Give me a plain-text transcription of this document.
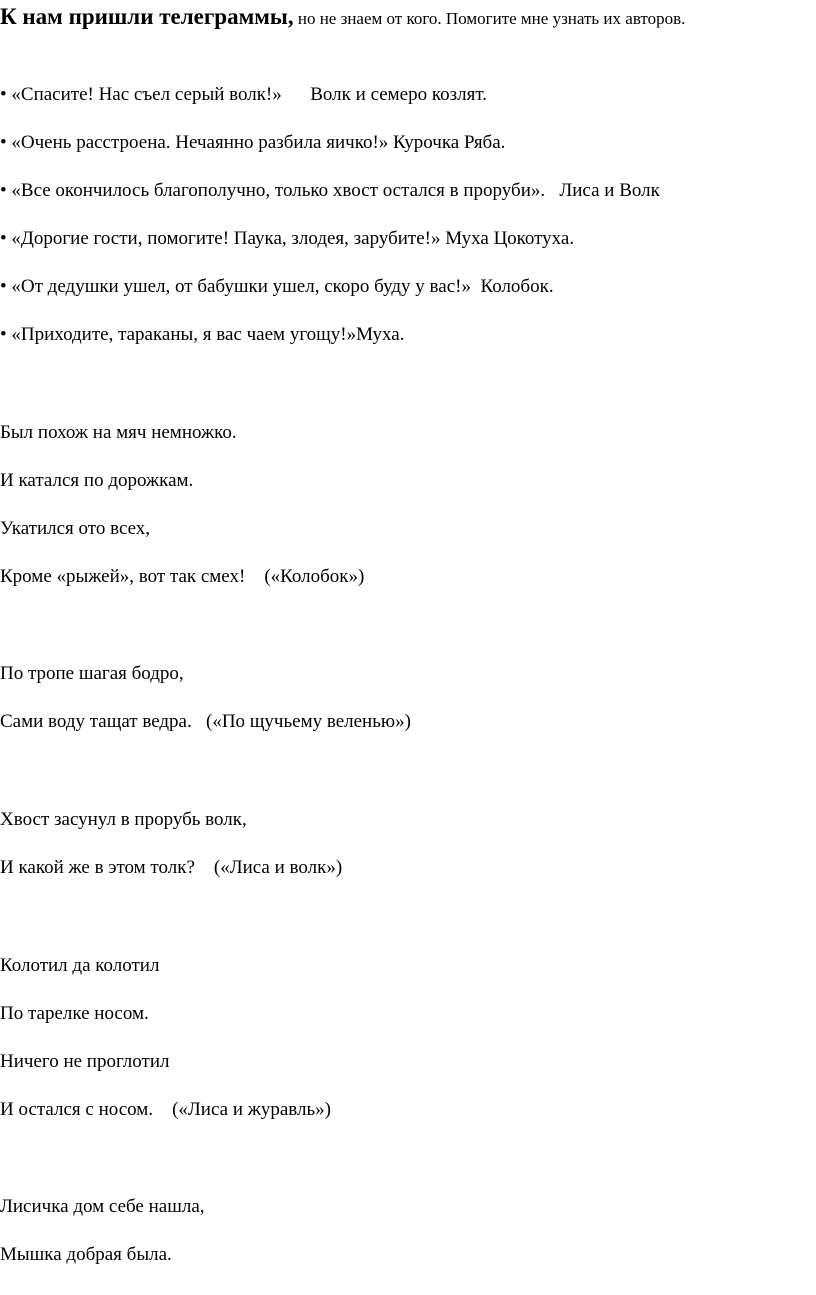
К нам пришли телеграммы, но не знаем от кого. Помогите мне узнать их авторов.
• «Спасите! Нас съел серый волк!»      Волк и семеро козлят.
• «Очень расстроена. Нечаянно разбила яичко!» Курочка Ряба.
• «Все окончилось благополучно, только хвост остался в проруби».   Лиса и Волк
• «Дорогие гости, помогите! Паука, злодея, зарубите!» Муха Цокотуха.
• «От дедушки ушел, от бабушки ушел, скоро буду у вас!»  Колобок.
• «Приходите, тараканы, я вас чаем угощу!»Муха.
Был похож на мяч немножко.
И катался по дорожкам.
Укатился ото всех,
Кроме «рыжей», вот так смех!    («Колобок»)
По тропе шагая бодро,
Сами воду тащат ведра.   («По щучьему веленью»)
Хвост засунул в прорубь волк,
И какой же в этом толк?    («Лиса и волк»)
Колотил да колотил
По тарелке носом.
Ничего не проглотил
И остался с носом.    («Лиса и журавль»)
Лисичка дом себе нашла,
Мышка добрая была.
